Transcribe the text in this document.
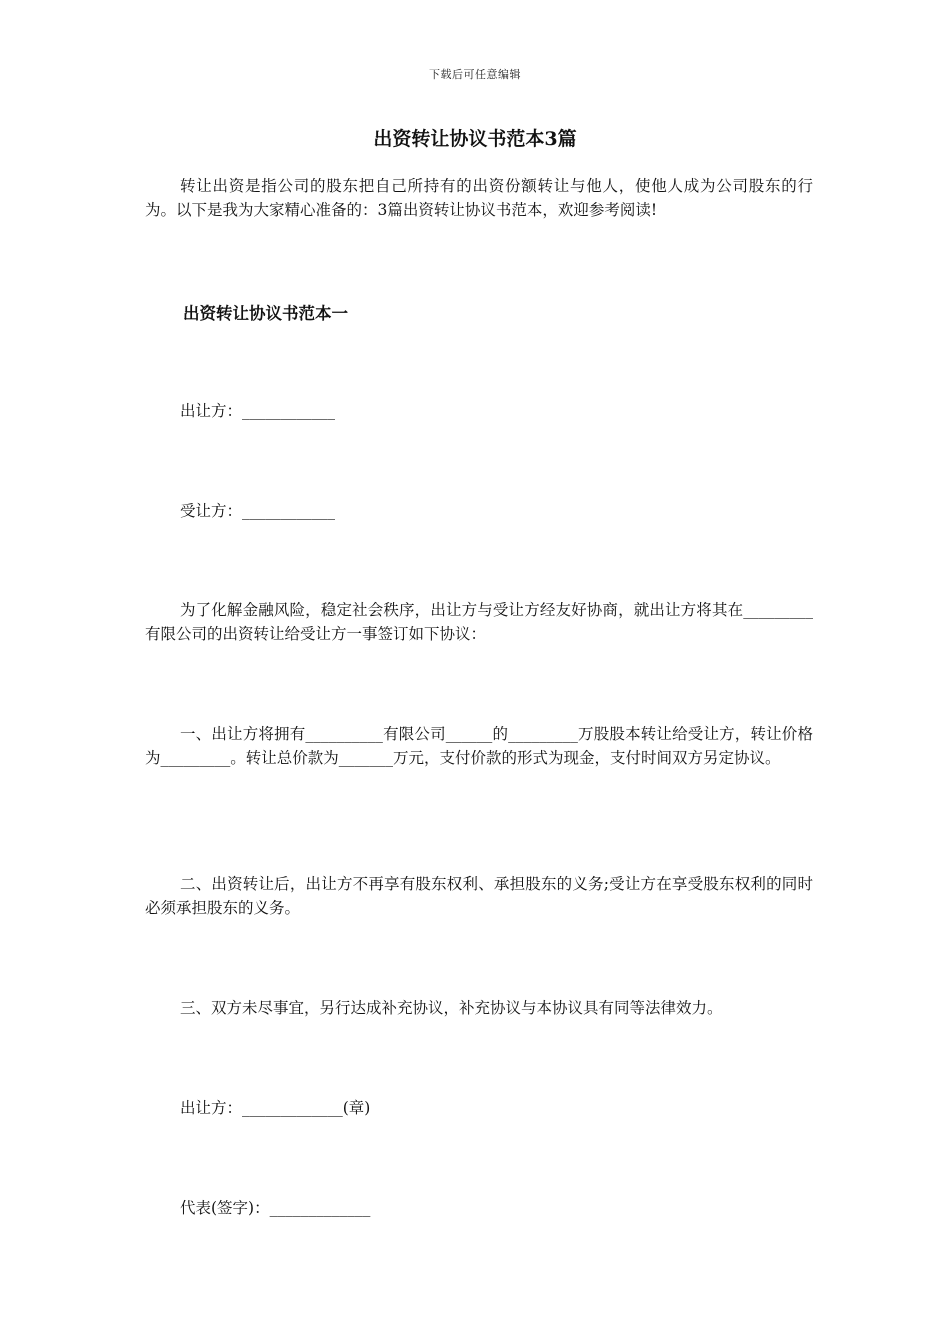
下载后可任意编辑
出资转让协议书范本3篇

转让出资是指公司的股东把自己所持有的出资份额转让与他人，使他人成为公司股东的行为。以下是我为大家精心准备的：3篇出资转让协议书范本，欢迎参考阅读!

出资转让协议书范本一

出让方：____________

受让方：____________

为了化解金融风险，稳定社会秩序，出让方与受让方经友好协商，就出让方将其在_________有限公司的出资转让给受让方一事签订如下协议：

一、出让方将拥有__________有限公司______的_________万股股本转让给受让方，转让价格为_________。转让总价款为_______万元，支付价款的形式为现金，支付时间双方另定协议。

二、出资转让后，出让方不再享有股东权利、承担股东的义务;受让方在享受股东权利的同时必须承担股东的义务。

三、双方未尽事宜，另行达成补充协议，补充协议与本协议具有同等法律效力。

出让方：_____________(章)

代表(签字)：_____________
